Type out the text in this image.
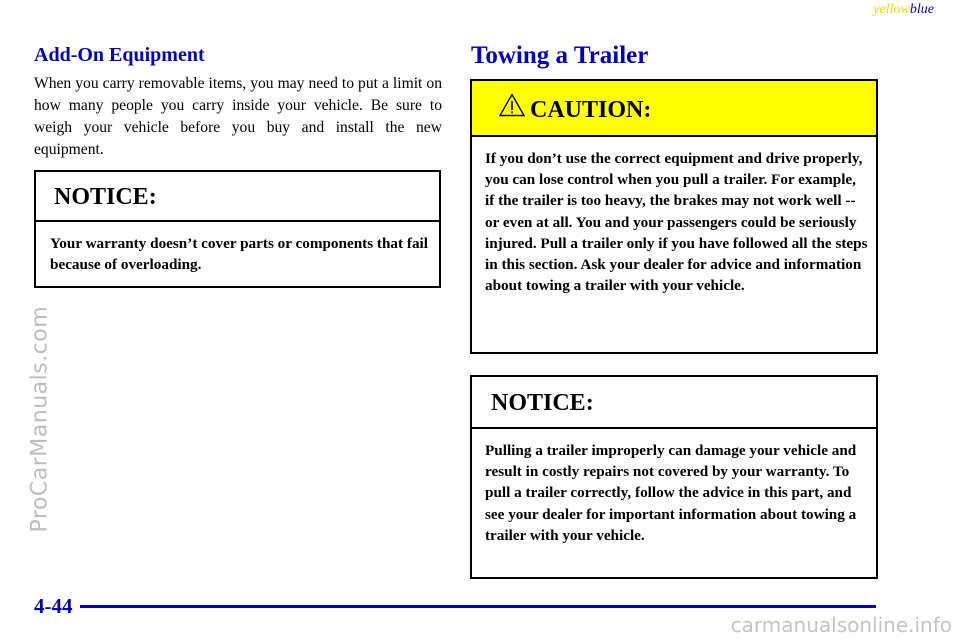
yellowblue
Add-On Equipment
When you carry removable items, you may need to put a limit on how many people you carry inside your vehicle. Be sure to weigh your vehicle before you buy and install the new equipment.
NOTICE:
Your warranty doesn’t cover parts or components that fail because of overloading.
Towing a Trailer
CAUTION:
If you don’t use the correct equipment and drive properly, you can lose control when you pull a trailer. For example, if the trailer is too heavy, the brakes may not work well -- or even at all. You and your passengers could be seriously injured. Pull a trailer only if you have followed all the steps in this section. Ask your dealer for advice and information about towing a trailer with your vehicle.
NOTICE:
Pulling a trailer improperly can damage your vehicle and result in costly repairs not covered by your warranty. To pull a trailer correctly, follow the advice in this part, and see your dealer for important information about towing a trailer with your vehicle.
4-44
ProCarManuals.com
carmanualsonline.info
